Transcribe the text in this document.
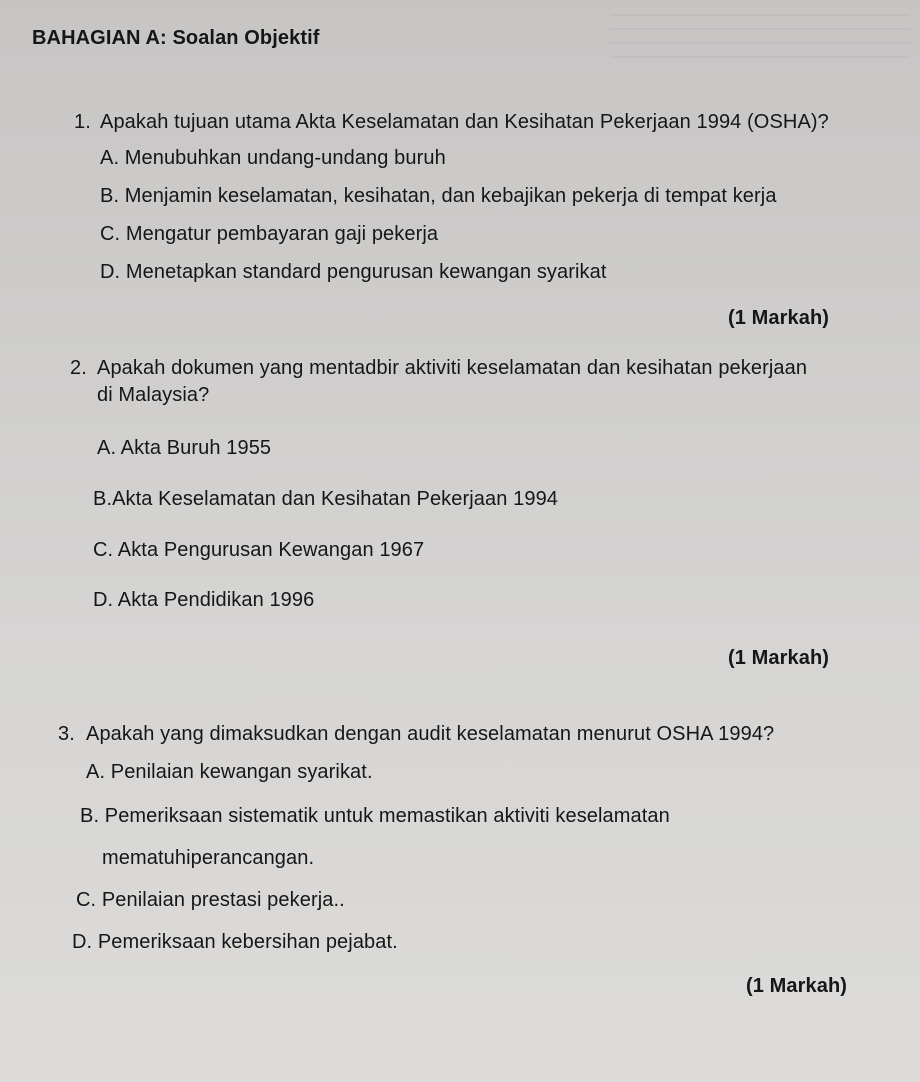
BAHAGIAN A: Soalan Objektif
1. Apakah tujuan utama Akta Keselamatan dan Kesihatan Pekerjaan 1994 (OSHA)?
A. Menubuhkan undang-undang buruh
B. Menjamin keselamatan, kesihatan, dan kebajikan pekerja di tempat kerja
C. Mengatur pembayaran gaji pekerja
D. Menetapkan standard pengurusan kewangan syarikat
(1 Markah)
2. Apakah dokumen yang mentadbir aktiviti keselamatan dan kesihatan pekerjaan
di Malaysia?
A. Akta Buruh 1955
B.Akta Keselamatan dan Kesihatan Pekerjaan 1994
C. Akta Pengurusan Kewangan 1967
D. Akta Pendidikan 1996
(1 Markah)
3. Apakah yang dimaksudkan dengan audit keselamatan menurut OSHA 1994?
A. Penilaian kewangan syarikat.
B. Pemeriksaan sistematik untuk memastikan aktiviti keselamatan
mematuhiperancangan.
C. Penilaian prestasi pekerja..
D. Pemeriksaan kebersihan pejabat.
(1 Markah)
